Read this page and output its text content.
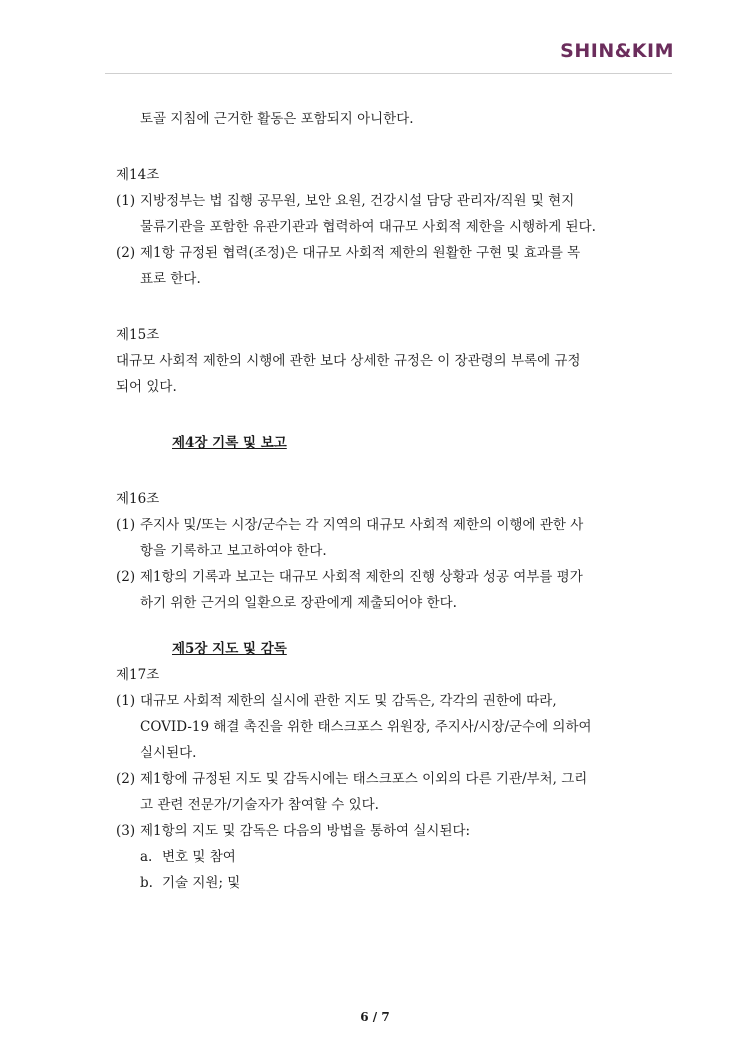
SHIN&KIM
토골 지침에 근거한 활동은 포함되지 아니한다.
제14조
(1) 지방정부는 법 집행 공무원, 보안 요원, 건강시설 담당 관리자/직원 및 현지
물류기관을 포함한 유관기관과 협력하여 대규모 사회적 제한을 시행하게 된다.
(2) 제1항 규정된 협력(조정)은 대규모 사회적 제한의 원활한 구현 및 효과를 목
표로 한다.
제15조
대규모 사회적 제한의 시행에 관한 보다 상세한 규정은 이 장관령의 부록에 규정
되어 있다.
제4장 기록 및 보고
제16조
(1) 주지사 및/또는 시장/군수는 각 지역의 대규모 사회적 제한의 이행에 관한 사
항을 기록하고 보고하여야 한다.
(2) 제1항의 기록과 보고는 대규모 사회적 제한의 진행 상황과 성공 여부를 평가
하기 위한 근거의 일환으로 장관에게 제출되어야 한다.
제5장 지도 및 감독
제17조
(1) 대규모 사회적 제한의 실시에 관한 지도 및 감독은, 각각의 권한에 따라,
COVID-19 해결 촉진을 위한 태스크포스 위원장, 주지사/시장/군수에 의하여
실시된다.
(2) 제1항에 규정된 지도 및 감독시에는 태스크포스 이외의 다른 기관/부처, 그리
고 관련 전문가/기술자가 참여할 수 있다.
(3) 제1항의 지도 및 감독은 다음의 방법을 통하여 실시된다:
a. 변호 및 참여
b. 기술 지원; 및
6 / 7
